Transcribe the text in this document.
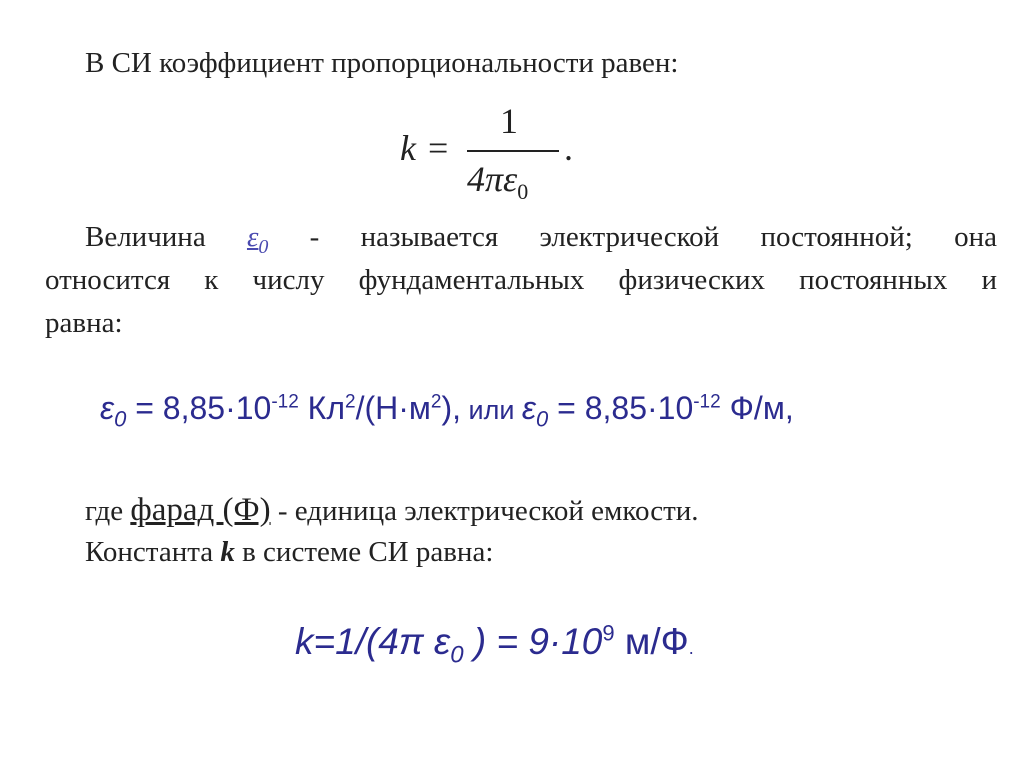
В СИ коэффициент пропорциональности равен:
k =
1
$4\pi\varepsilon_0$
.
Величина $\varepsilon_0$ - называется электрической постоянной; она
относится к числу фундаментальных физических постоянных и
равна:
$\varepsilon_0 = 8,85\cdot 10^{-12}$ $Кл^2/(Н\cdot м^2)$, или $\varepsilon_0 = 8,85\cdot 10^{-12}$ Ф/м,
где фарад (Ф) - единица электрической емкости.
Константа k в системе СИ равна:
k=1/(4π $\varepsilon_0$ ) = $9\cdot 10^9$ м/Ф.
